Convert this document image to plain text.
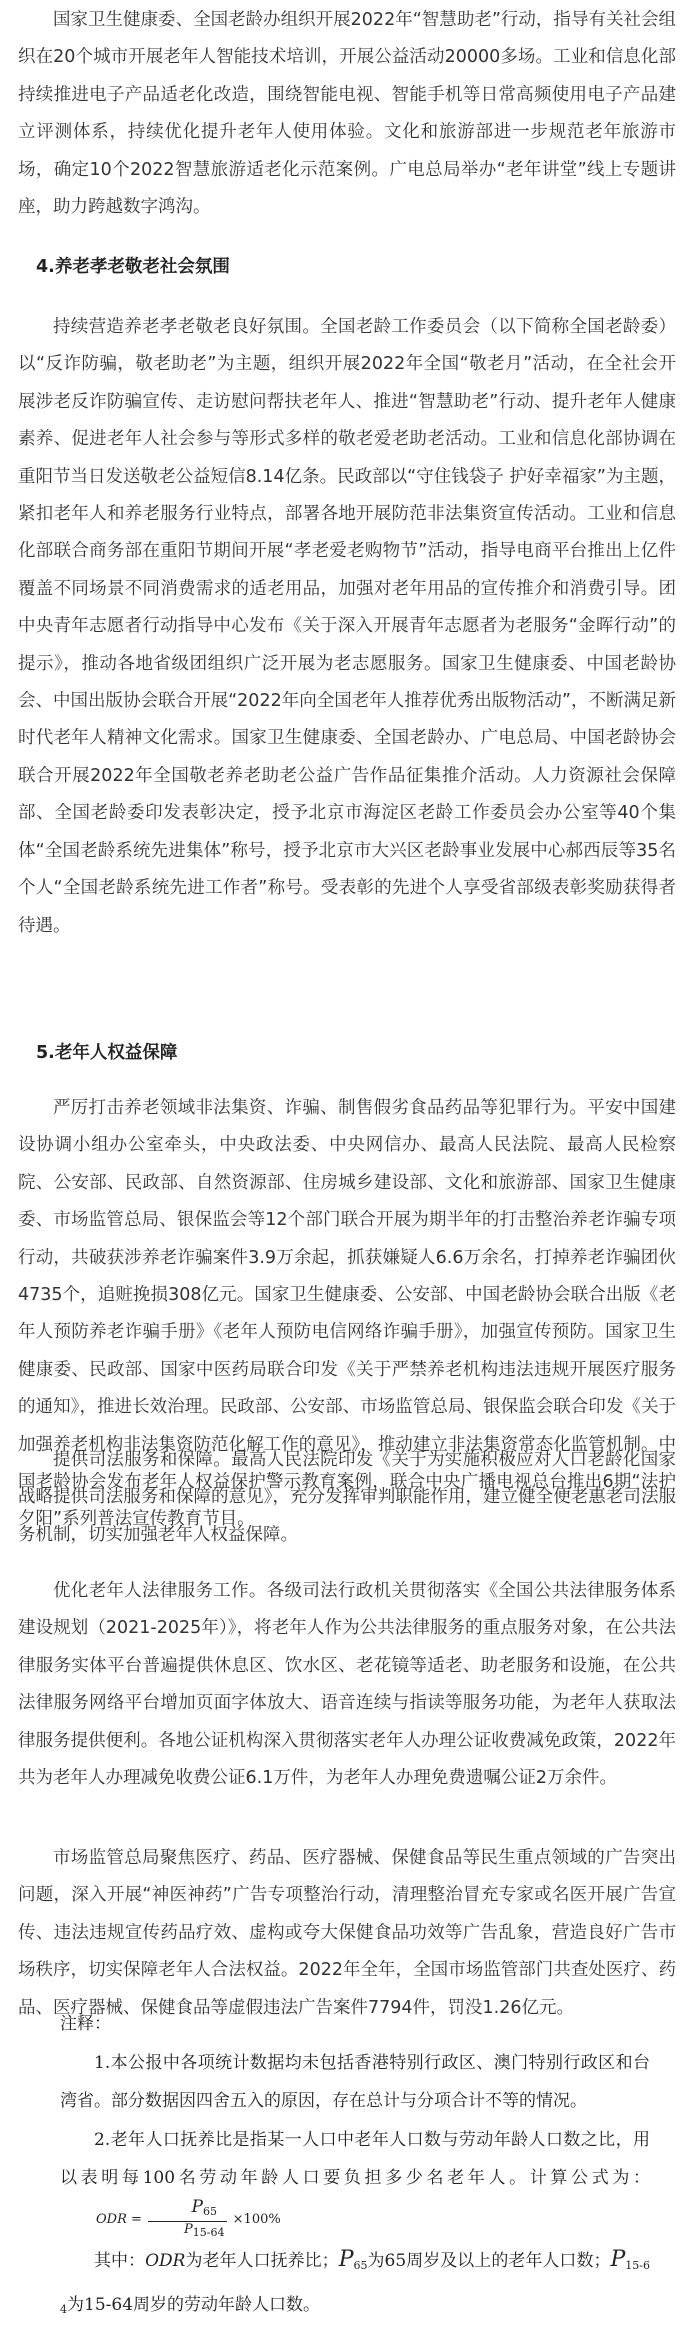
国家卫生健康委、全国老龄办组织开展2022年“智慧助老”行动，指导有关社会组织在20个城市开展老年人智能技术培训，开展公益活动20000多场。工业和信息化部持续推进电子产品适老化改造，围绕智能电视、智能手机等日常高频使用电子产品建立评测体系，持续优化提升老年人使用体验。文化和旅游部进一步规范老年旅游市场，确定10个2022智慧旅游适老化示范案例。广电总局举办“老年讲堂”线上专题讲座，助力跨越数字鸿沟。

4.养老孝老敬老社会氛围

持续营造养老孝老敬老良好氛围。全国老龄工作委员会（以下简称全国老龄委）以“反诈防骗，敬老助老”为主题，组织开展2022年全国“敬老月”活动，在全社会开展涉老反诈防骗宣传、走访慰问帮扶老年人、推进“智慧助老”行动、提升老年人健康素养、促进老年人社会参与等形式多样的敬老爱老助老活动。工业和信息化部协调在重阳节当日发送敬老公益短信8.14亿条。民政部以“守住钱袋子 护好幸福家”为主题，紧扣老年人和养老服务行业特点，部署各地开展防范非法集资宣传活动。工业和信息化部联合商务部在重阳节期间开展“孝老爱老购物节”活动，指导电商平台推出上亿件覆盖不同场景不同消费需求的适老用品，加强对老年用品的宣传推介和消费引导。团中央青年志愿者行动指导中心发布《关于深入开展青年志愿者为老服务“金晖行动”的提示》，推动各地省级团组织广泛开展为老志愿服务。国家卫生健康委、中国老龄协会、中国出版协会联合开展“2022年向全国老年人推荐优秀出版物活动”，不断满足新时代老年人精神文化需求。国家卫生健康委、全国老龄办、广电总局、中国老龄协会联合开展2022年全国敬老养老助老公益广告作品征集推介活动。人力资源社会保障部、全国老龄委印发表彰决定，授予北京市海淀区老龄工作委员会办公室等40个集体“全国老龄系统先进集体”称号，授予北京市大兴区老龄事业发展中心郝西辰等35名个人“全国老龄系统先进工作者”称号。受表彰的先进个人享受省部级表彰奖励获得者待遇。

5.老年人权益保障

严厉打击养老领域非法集资、诈骗、制售假劣食品药品等犯罪行为。平安中国建设协调小组办公室牵头，中央政法委、中央网信办、最高人民法院、最高人民检察院、公安部、民政部、自然资源部、住房城乡建设部、文化和旅游部、国家卫生健康委、市场监管总局、银保监会等12个部门联合开展为期半年的打击整治养老诈骗专项行动，共破获涉养老诈骗案件3.9万余起，抓获嫌疑人6.6万余名，打掉养老诈骗团伙4735个，追赃挽损308亿元。国家卫生健康委、公安部、中国老龄协会联合出版《老年人预防养老诈骗手册》《老年人预防电信网络诈骗手册》，加强宣传预防。国家卫生健康委、民政部、国家中医药局联合印发《关于严禁养老机构违法违规开展医疗服务的通知》，推进长效治理。民政部、公安部、市场监管总局、银保监会联合印发《关于加强养老机构非法集资防范化解工作的意见》，推动建立非法集资常态化监管机制。中国老龄协会发布老年人权益保护警示教育案例，联合中央广播电视总台推出6期“法护夕阳”系列普法宣传教育节目。

提供司法服务和保障。最高人民法院印发《关于为实施积极应对人口老龄化国家战略提供司法服务和保障的意见》，充分发挥审判职能作用，建立健全便老惠老司法服务机制，切实加强老年人权益保障。

优化老年人法律服务工作。各级司法行政机关贯彻落实《全国公共法律服务体系建设规划（2021-2025年）》，将老年人作为公共法律服务的重点服务对象，在公共法律服务实体平台普遍提供休息区、饮水区、老花镜等适老、助老服务和设施，在公共法律服务网络平台增加页面字体放大、语音连续与指读等服务功能，为老年人获取法律服务提供便利。各地公证机构深入贯彻落实老年人办理公证收费减免政策，2022年共为老年人办理减免收费公证6.1万件，为老年人办理免费遗嘱公证2万余件。

市场监管总局聚焦医疗、药品、医疗器械、保健食品等民生重点领域的广告突出问题，深入开展“神医神药”广告专项整治行动，清理整治冒充专家或名医开展广告宣传、违法违规宣传药品疗效、虚构或夸大保健食品功效等广告乱象，营造良好广告市场秩序，切实保障老年人合法权益。2022年全年，全国市场监管部门共查处医疗、药品、医疗器械、保健食品等虚假违法广告案件7794件，罚没1.26亿元。

注释：

1.本公报中各项统计数据均未包括香港特别行政区、澳门特别行政区和台湾省。部分数据因四舍五入的原因，存在总计与分项合计不等的情况。

2.老年人口抚养比是指某一人口中老年人口数与劳动年龄人口数之比，用以表明每100名劳动年龄人口要负担多少名老年人。计算公式为： ODR = $\frac{P_{65}}{P_{15-64}} \times 100\%$

其中：ODR为老年人口抚养比；$P_{65}$为65周岁及以上的老年人口数；$P_{15-64}$为15-64周岁的劳动年龄人口数。
